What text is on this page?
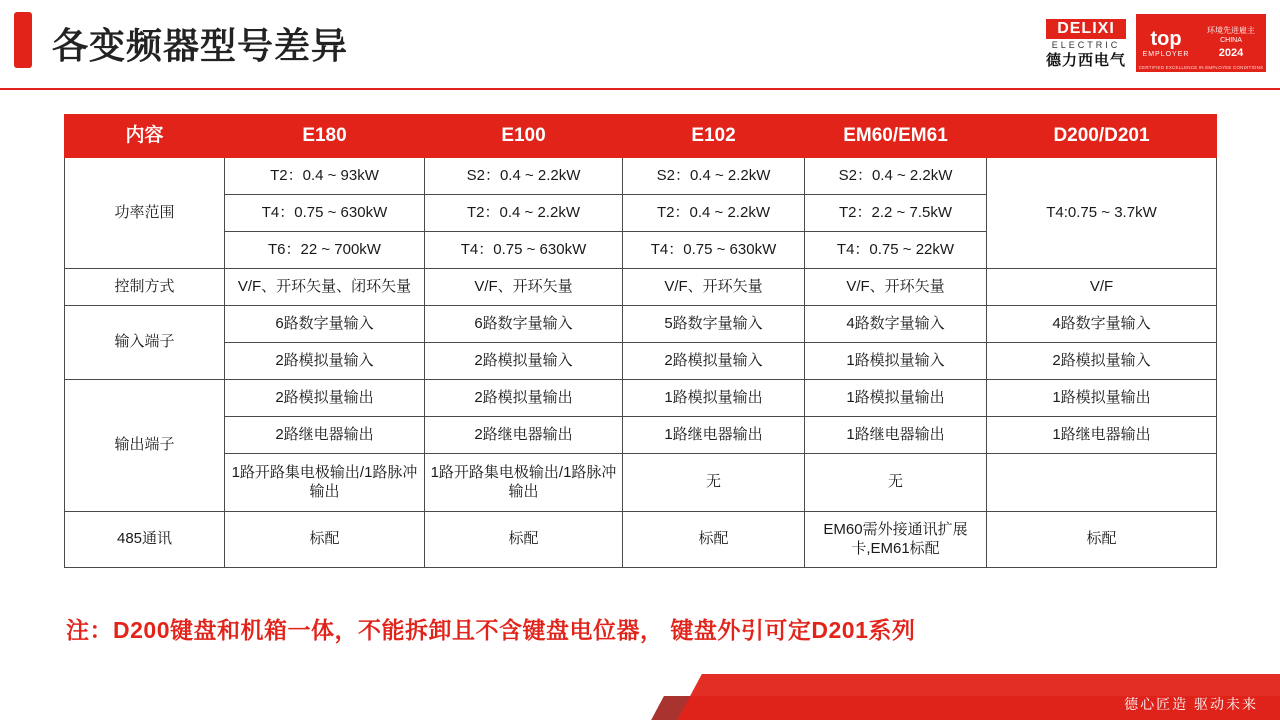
各变频器型号差异	DELIXI
ELECTRIC
德力西电气
top
EMPLOYER
环境先进雇主
CHINA
2024
CERTIFIED EXCELLENCE IN EMPLOYEE CONDITIONS
内容	E180	E100	E102	EM60/EM61	D200/D201
功率范围	T2：0.4 ~ 93kW	S2：0.4 ~ 2.2kW	S2：0.4 ~ 2.2kW	S2：0.4 ~ 2.2kW	T4:0.75 ~ 3.7kW
	T4：0.75 ~ 630kW	T2：0.4 ~ 2.2kW	T2：0.4 ~ 2.2kW	T2：2.2 ~ 7.5kW	
	T6：22 ~ 700kW	T4：0.75 ~ 630kW	T4：0.75 ~ 630kW	T4：0.75 ~ 22kW	
控制方式	V/F、开环矢量、闭环矢量	V/F、开环矢量	V/F、开环矢量	V/F、开环矢量	V/F
输入端子	6路数字量输入	6路数字量输入	5路数字量输入	4路数字量输入	4路数字量输入
	2路模拟量输入	2路模拟量输入	2路模拟量输入	1路模拟量输入	2路模拟量输入
输出端子	2路模拟量输出	2路模拟量输出	1路模拟量输出	1路模拟量输出	1路模拟量输出
	2路继电器输出	2路继电器输出	1路继电器输出	1路继电器输出	1路继电器输出
	1路开路集电极输出/1路脉冲输出	1路开路集电极输出/1路脉冲输出	无	无	
485通讯	标配	标配	标配	EM60需外接通讯扩展卡,EM61标配	标配
注：D200键盘和机箱一体，不能拆卸且不含键盘电位器， 键盘外引可定D201系列
德心匠造 驱动未来
